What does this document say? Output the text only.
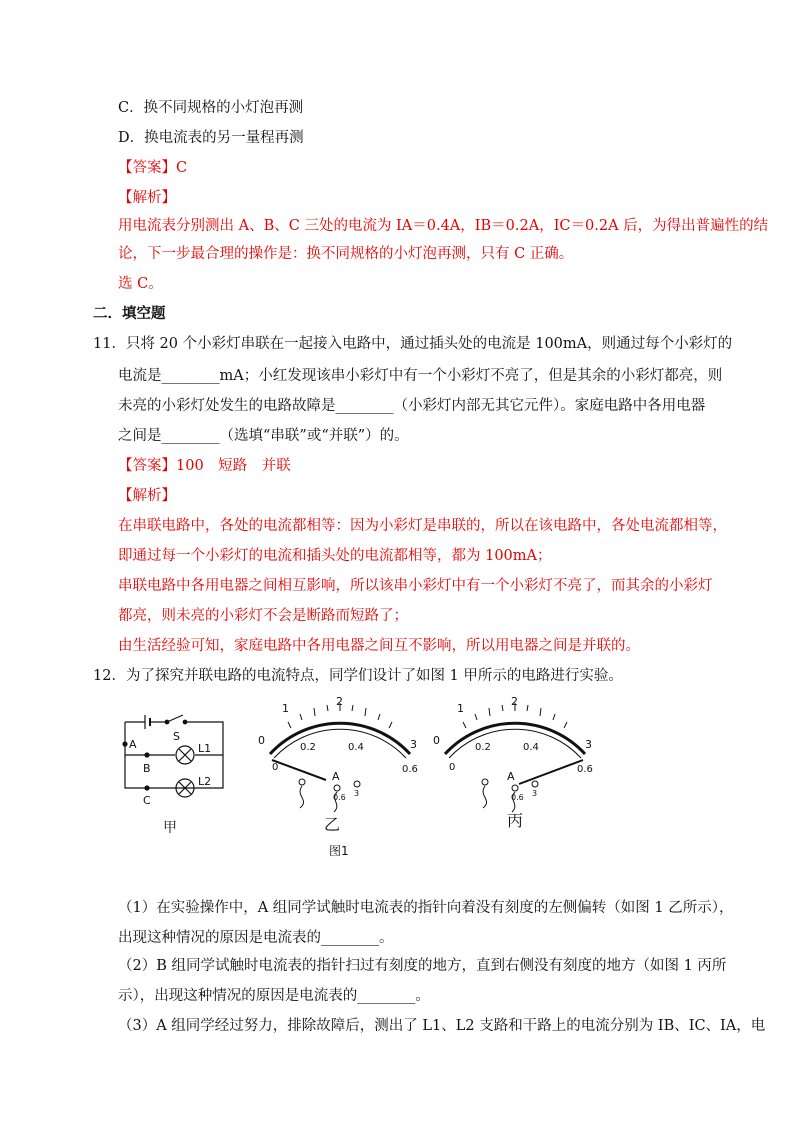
C．换不同规格的小灯泡再测
D．换电流表的另一量程再测
【答案】C
【解析】
用电流表分别测出 A、B、C 三处的电流为 IA＝0.4A，IB＝0.2A，IC＝0.2A 后，为得出普遍性的结
论，下一步最合理的操作是：换不同规格的小灯泡再测，只有 C 正确。
选 C。
二．填空题
11．只将 20 个小彩灯串联在一起接入电路中，通过插头处的电流是 100mA，则通过每个小彩灯的
电流是________mA；小红发现该串小彩灯中有一个小彩灯不亮了，但是其余的小彩灯都亮，则
未亮的小彩灯处发生的电路故障是________（小彩灯内部无其它元件）。家庭电路中各用电器
之间是________（选填“串联”或“并联”）的。
【答案】100　短路　并联
【解析】
在串联电路中，各处的电流都相等：因为小彩灯是串联的，所以在该电路中，各处电流都相等，
即通过每一个小彩灯的电流和插头处的电流都相等，都为 100mA；
串联电路中各用电器之间相互影响，所以该串小彩灯中有一个小彩灯不亮了，而其余的小彩灯
都亮，则未亮的小彩灯不会是断路而短路了；
由生活经验可知，家庭电路中各用电器之间互不影响，所以用电器之间是并联的。
12．为了探究并联电路的电流特点，同学们设计了如图 1 甲所示的电路进行实验。
S
A
B
C
L1
L2
甲
1
2
3
0
0.2	0.4
0.6
0
A
0.6 3
乙
1
2
3
0
0.2	0.4
0.6
0
A
0.6 3
丙
图1
（1）在实验操作中，A 组同学试触时电流表的指针向着没有刻度的左侧偏转（如图 1 乙所示），
出现这种情况的原因是电流表的________。
（2）B 组同学试触时电流表的指针扫过有刻度的地方，直到右侧没有刻度的地方（如图 1 丙所
示），出现这种情况的原因是电流表的________。
（3）A 组同学经过努力，排除故障后，测出了 L1、L2 支路和干路上的电流分别为 IB、IC、IA，电
